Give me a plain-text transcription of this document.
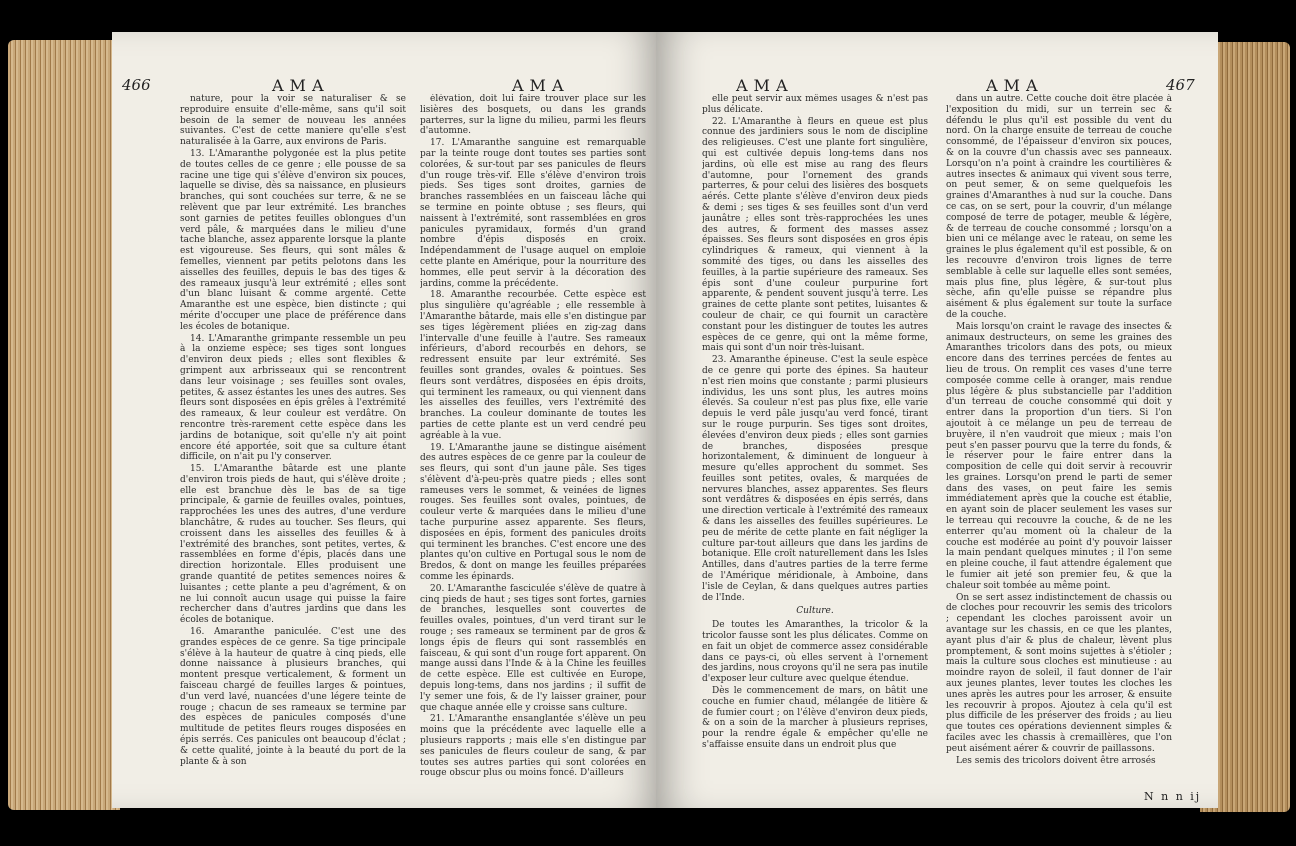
466	AMA	AMA

nature, pour la voir se naturaliser & se reproduire ensuite d'elle-même, sans qu'il soit besoin de la semer de nouveau les années suivantes. C'est de cette maniere qu'elle s'est naturalisée à la Garre, aux environs de Paris.

13. L'Amaranthe polygonée est la plus petite de toutes celles de ce genre ; elle pousse de sa racine une tige qui s'élève d'environ six pouces, laquelle se divise, dès sa naissance, en plusieurs branches, qui sont couchées sur terre, & ne se relèvent que par leur extrémité. Les branches sont garnies de petites feuilles oblongues d'un verd pâle, & marquées dans le milieu d'une tache blanche, assez apparente lorsque la plante est vigoureuse. Ses fleurs, qui sont mâles & femelles, viennent par petits pelotons dans les aisselles des feuilles, depuis le bas des tiges & des rameaux jusqu'à leur extrémité ; elles sont d'un blanc luisant & comme argenté. Cette Amaranthe est une espèce, bien distincte ; qui mérite d'occuper une place de préférence dans les écoles de botanique.

14. L'Amaranthe grimpante ressemble un peu à la onzieme espèce; ses tiges sont longues d'environ deux pieds ; elles sont flexibles & grimpent aux arbrisseaux qui se rencontrent dans leur voisinage ; ses feuilles sont ovales, petites, & assez éstantes les unes des autres. Ses fleurs sont disposées en épis grêles à l'extrémité des rameaux, & leur couleur est verdâtre. On rencontre très-rarement cette espèce dans les jardins de botanique, soit qu'elle n'y ait point encore été apportée, soit que sa culture étant difficile, on n'ait pu l'y conserver.

15. L'Amaranthe bâtarde est une plante d'environ trois pieds de haut, qui s'élève droite ; elle est branchue dès le bas de sa tige principale, & garnie de feuilles ovales, pointues, rapprochées les unes des autres, d'une verdure blanchâtre, & rudes au toucher. Ses fleurs, qui croissent dans les aisselles des feuilles & à l'extrémité des branches, sont petites, vertes, & rassemblées en forme d'épis, placés dans une direction horizontale. Elles produisent une grande quantité de petites semences noires & luisantes ; cette plante a peu d'agrément, & on ne lui connoît aucun usage qui puisse la faire rechercher dans d'autres jardins que dans les écoles de botanique.

16. Amaranthe paniculée. C'est une des grandes espèces de ce genre. Sa tige principale s'élève à la hauteur de quatre à cinq pieds, elle donne naissance à plusieurs branches, qui montent presque verticalement, & forment un faisceau chargé de feuilles larges & pointues, d'un verd lavé, nuancées d'une légere teinte de rouge ; chacun de ses rameaux se termine par des espèces de panicules composés d'une multitude de petites fleurs rouges disposées en épis serrés. Ces panicules ont beaucoup d'éclat ; & cette qualité, jointe à la beauté du port de la plante & à son

élévation, doit lui faire trouver place sur les lisières des bosquets, ou dans les grands parterres, sur la ligne du milieu, parmi les fleurs d'automne.

17. L'Amaranthe sanguine est remarquable par la teinte rouge dont toutes ses parties sont colorées, & sur-tout par ses panicules de fleurs d'un rouge très-vif. Elle s'élève d'environ trois pieds. Ses tiges sont droites, garnies de branches rassemblées en un faisceau lâche qui se termine en pointe obtuse ; ses fleurs, qui naissent à l'extrémité, sont rassemblées en gros panicules pyramidaux, formés d'un grand nombre d'épis disposés en croix. Indépendamment de l'usage auquel on emploie cette plante en Amérique, pour la nourriture des hommes, elle peut servir à la décoration des jardins, comme la précédente.

18. Amaranthe recourbée. Cette espèce est plus singulière qu'agréable ; elle ressemble à l'Amaranthe bâtarde, mais elle s'en distingue par ses tiges légèrement pliées en zig-zag dans l'intervalle d'une feuille à l'autre. Ses rameaux inférieurs, d'abord recourbés en dehors, se redressent ensuite par leur extrémité. Ses feuilles sont grandes, ovales & pointues. Ses fleurs sont verdâtres, disposées en épis droits, qui terminent les rameaux, ou qui viennent dans les aisselles des feuilles, vers l'extrémité des branches. La couleur dominante de toutes les parties de cette plante est un verd cendré peu agréable à la vue.

19. L'Amaranthe jaune se distingue aisément des autres espèces de ce genre par la couleur de ses fleurs, qui sont d'un jaune pâle. Ses tiges s'élèvent d'à-peu-près quatre pieds ; elles sont rameuses vers le sommet, & veinées de lignes rouges. Ses feuilles sont ovales, pointues, de couleur verte & marquées dans le milieu d'une tache purpurine assez apparente. Ses fleurs, disposées en épis, forment des panicules droits qui terminent les branches. C'est encore une des plantes qu'on cultive en Portugal sous le nom de Bredos, & dont on mange les feuilles préparées comme les épinards.

20. L'Amaranthe fasciculée s'élève de quatre à cinq pieds de haut ; ses tiges sont fortes, garnies de branches, lesquelles sont couvertes de feuilles ovales, pointues, d'un verd tirant sur le rouge ; ses rameaux se terminent par de gros & longs épis de fleurs qui sont rassemblés en faisceau, & qui sont d'un rouge fort apparent. On mange aussi dans l'Inde & à la Chine les feuilles de cette espèce. Elle est cultivée en Europe, depuis long-tems, dans nos jardins ; il suffit de l'y semer une fois, & de l'y laisser grainer, pour que chaque année elle y croisse sans culture.

21. L'Amaranthe ensanglantée s'élève un peu moins que la précédente avec laquelle elle a plusieurs rapports ; mais elle s'en distingue par ses panicules de fleurs couleur de sang, & par toutes ses autres parties qui sont colorées en rouge obscur plus ou moins foncé. D'ailleurs

AMA	AMA	467

elle peut servir aux mêmes usages & n'est pas plus délicate.

22. L'Amaranthe à fleurs en queue est plus connue des jardiniers sous le nom de discipline des religieuses. C'est une plante fort singulière, qui est cultivée depuis long-tems dans nos jardins, où elle est mise au rang des fleurs d'automne, pour l'ornement des grands parterres, & pour celui des lisières des bosquets aérés. Cette plante s'élève d'environ deux pieds & demi ; ses tiges & ses feuilles sont d'un verd jaunâtre ; elles sont très-rapprochées les unes des autres, & forment des masses assez épaisses. Ses fleurs sont disposées en gros épis cylindriques & rameux, qui viennent à la sommité des tiges, ou dans les aisselles des feuilles, à la partie supérieure des rameaux. Ses épis sont d'une couleur purpurine fort apparente, & pendent souvent jusqu'à terre. Les graines de cette plante sont petites, luisantes & couleur de chair, ce qui fournit un caractère constant pour les distinguer de toutes les autres espèces de ce genre, qui ont la même forme, mais qui sont d'un noir très-luisant.

23. Amaranthe épineuse. C'est la seule espèce de ce genre qui porte des épines. Sa hauteur n'est rien moins que constante ; parmi plusieurs individus, les uns sont plus, les autres moins élevés. Sa couleur n'est pas plus fixe, elle varie depuis le verd pâle jusqu'au verd foncé, tirant sur le rouge purpurin. Ses tiges sont droites, élevées d'environ deux pieds ; elles sont garnies de branches, disposées presque horizontalement, & diminuent de longueur à mesure qu'elles approchent du sommet. Ses feuilles sont petites, ovales, & marquées de nervures blanches, assez apparentes. Ses fleurs sont verdâtres & disposées en épis serrés, dans une direction verticale à l'extrémité des rameaux & dans les aisselles des feuilles supérieures. Le peu de mérite de cette plante en fait négliger la culture par-tout ailleurs que dans les jardins de botanique. Elle croît naturellement dans les Isles Antilles, dans d'autres parties de la terre ferme de l'Amérique méridionale, à Amboine, dans l'isle de Ceylan, & dans quelques autres parties de l'Inde.

Culture.

De toutes les Amaranthes, la tricolor & la tricolor fausse sont les plus délicates. Comme on en fait un objet de commerce assez considérable dans ce pays-ci, où elles servent à l'ornement des jardins, nous croyons qu'il ne sera pas inutile d'exposer leur culture avec quelque étendue.

Dès le commencement de mars, on bâtit une couche en fumier chaud, mélangée de litière & de fumier court ; on l'élève d'environ deux pieds, & on a soin de la marcher à plusieurs reprises, pour la rendre égale & empêcher qu'elle ne s'affaisse ensuite dans un endroit plus que

dans un autre. Cette couche doit être placée à l'exposition du midi, sur un terrein sec & défendu le plus qu'il est possible du vent du nord. On la charge ensuite de terreau de couche consommé, de l'épaisseur d'environ six pouces, & on la couvre d'un chassis avec ses panneaux. Lorsqu'on n'a point à craindre les courtilières & autres insectes & animaux qui vivent sous terre, on peut semer, & on seme quelquefois les graines d'Amaranthes à nud sur la couche. Dans ce cas, on se sert, pour la couvrir, d'un mélange composé de terre de potager, meuble & légère, & de terreau de couche consommé ; lorsqu'on a bien uni ce mélange avec le rateau, on seme les graines le plus également qu'il est possible, & on les recouvre d'environ trois lignes de terre semblable à celle sur laquelle elles sont semées, mais plus fine, plus légère, & sur-tout plus sèche, afin qu'elle puisse se répandre plus aisément & plus également sur toute la surface de la couche.

Mais lorsqu'on craint le ravage des insectes & animaux destructeurs, on seme les graines des Amaranthes tricolors dans des pots, ou mieux encore dans des terrines percées de fentes au lieu de trous. On remplit ces vases d'une terre composée comme celle à oranger, mais rendue plus légère & plus substancielle par l'addition d'un terreau de couche consommé qui doit y entrer dans la proportion d'un tiers. Si l'on ajoutoit à ce mélange un peu de terreau de bruyère, il n'en vaudroit que mieux ; mais l'on peut s'en passer pourvu que la terre du fonds, & le réserver pour le faire entrer dans la composition de celle qui doit servir à recouvrir les graines. Lorsqu'on prend le parti de semer dans des vases, on peut faire les semis immédiatement après que la couche est établie, en ayant soin de placer seulement les vases sur le terreau qui recouvre la couche, & de ne les enterrer qu'au moment où la chaleur de la couche est modérée au point d'y pouvoir laisser la main pendant quelques minutes ; il l'on seme en pleine couche, il faut attendre également que le fumier ait jeté son premier feu, & que la chaleur soit tombée au même point.

On se sert assez indistinctement de chassis ou de cloches pour recouvrir les semis des tricolors ; cependant les cloches paroissent avoir un avantage sur les chassis, en ce que les plantes, ayant plus d'air & plus de chaleur, lèvent plus promptement, & sont moins sujettes à s'étioler ; mais la culture sous cloches est minutieuse : au moindre rayon de soleil, il faut donner de l'air aux jeunes plantes, lever toutes les cloches les unes après les autres pour les arroser, & ensuite les recouvrir à propos. Ajoutez à cela qu'il est plus difficile de les préserver des froids ; au lieu que toutes ces opérations deviennent simples & faciles avec les chassis à cremaillères, que l'on peut aisément aérer & couvrir de paillassons.

Les semis des tricolors doivent être arrosés

N n n ij
